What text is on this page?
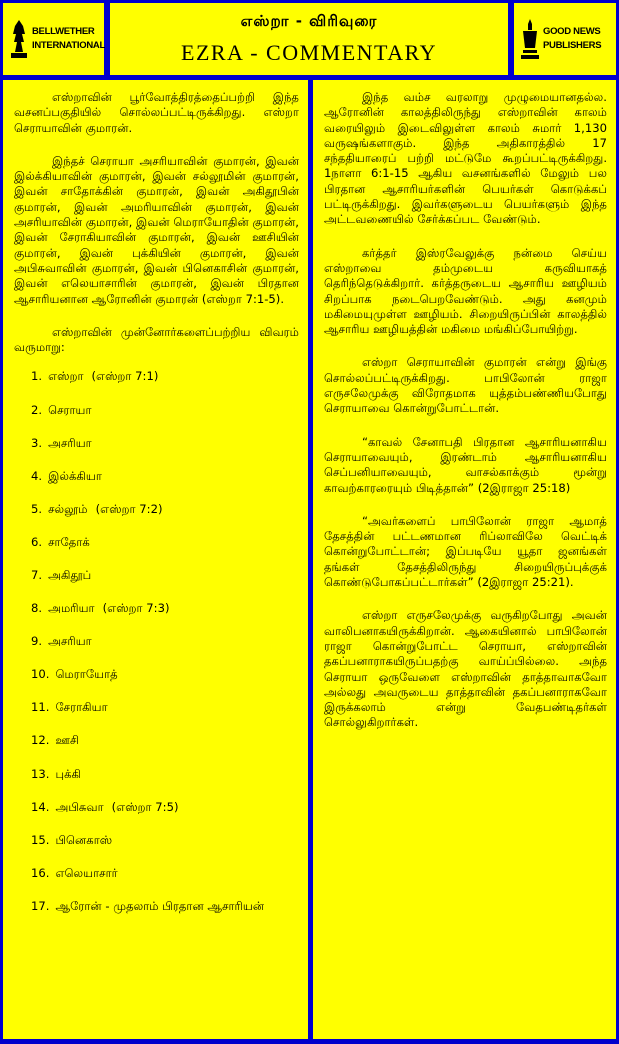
BELLWETHER
INTERNATIONAL
எஸ்றா - விரிவுரை
EZRA - COMMENTARY
GOOD NEWS
PUBLISHERS

எஸ்றாவின் பூர்வோத்திரத்தைப்பற்றி இந்த வசனப்பகுதியில் சொல்லப்பட்டிருக்கிறது. எஸ்றா செராயாவின் குமாரன்.

இந்தச் செராயா அசரியாவின் குமாரன், இவன் இல்க்கியாவின் குமாரன், இவன் சல்லூமின் குமாரன், இவன் சாதோக்கின் குமாரன், இவன் அகிதூபின் குமாரன், இவன் அமரியாவின் குமாரன், இவன் அசரியாவின் குமாரன், இவன் மெராயோதின் குமாரன், இவன் சேராகியாவின் குமாரன், இவன் ஊசியின் குமாரன், இவன் புக்கியின் குமாரன், இவன் அபிசுவாவின் குமாரன், இவன் பினெகாசின் குமாரன், இவன் எலெயாசாரின் குமாரன், இவன் பிரதான ஆசாரியனான ஆரோனின் குமாரன் (எஸ்றா 7:1-5).

எஸ்றாவின் முன்னோர்களைப்பற்றிய விவரம் வருமாறு:

1. எஸ்றா (எஸ்றா 7:1)
2. செராயா
3. அசரியா
4. இல்க்கியா
5. சல்லூம் (எஸ்றா 7:2)
6. சாதோக்
7. அகிதூப்
8. அமரியா (எஸ்றா 7:3)
9. அசரியா
10. மெராயோத்
11. சேராகியா
12. ஊசி
13. புக்கி
14. அபிசுவா (எஸ்றா 7:5)
15. பினெகாஸ்
16. எலெயாசார்
17. ஆரோன் - முதலாம் பிரதான ஆசாரியன்

இந்த வம்ச வரலாறு முழுமையானதல்ல. ஆரோனின் காலத்திலிருந்து எஸ்றாவின் காலம் வரையிலும் இடைவிலுள்ள காலம் சுமார் 1,130 வருஷங்களாகும். இந்த அதிகாரத்தில் 17 சந்ததியாரைப் பற்றி மட்டுமே கூறப்பட்டிருக்கிறது. 1நாளா 6:1-15 ஆகிய வசனங்களில் மேலும் பல பிரதான ஆசாரியர்களின் பெயர்கள் கொடுக்கப் பட்டிருக்கிறது. இவர்களுடைய பெயர்களும் இந்த அட்டவணையில் சேர்க்கப்பட வேண்டும்.

கர்த்தர் இஸ்ரவேலுக்கு நன்மை செய்ய எஸ்றாவை தம்முடைய கருவியாகத் தெரிந்தெடுக்கிறார். கர்த்தருடைய ஆசாரிய ஊழியம் சிறப்பாக நடைபெறவேண்டும். அது கனமும் மகிமையுமுள்ள ஊழியம். சிறையிருப்பின் காலத்தில் ஆசாரிய ஊழியத்தின் மகிமை மங்கிப்போயிற்று.

எஸ்றா செராயாவின் குமாரன் என்று இங்கு சொல்லப்பட்டிருக்கிறது. பாபிலோன் ராஜா எருசலேமுக்கு விரோதமாக யுத்தம்பண்ணியபோது செராயாவை கொன்றுபோட்டான்.

“காவல் சேனாபதி பிரதான ஆசாரியனாகிய செராயாவையும், இரண்டாம் ஆசாரியனாகிய செப்பனியாவையும், வாசல்காக்கும் மூன்று காவற்காரரையும் பிடித்தான்” (2இராஜா 25:18)

“அவர்களைப் பாபிலோன் ராஜா ஆமாத் தேசத்தின் பட்டணமான ரிப்லாவிலே வெட்டிக் கொன்றுபோட்டான்; இப்படியே யூதா ஜனங்கள் தங்கள் தேசத்திலிருந்து சிறையிருப்புக்குக் கொண்டுபோகப்பட்டார்கள்” (2இராஜா 25:21).

எஸ்றா எருசலேமுக்கு வருகிறபோது அவன் வாலிபனாகயிருக்கிறான். ஆகையினால் பாபிலோன் ராஜா கொன்றுபோட்ட செராயா, எஸ்றாவின் தகப்பனாராகயிருப்பதற்கு வாய்ப்பில்லை. அந்த செராயா ஒருவேளை எஸ்றாவின் தாத்தாவாகவோ அல்லது அவருடைய தாத்தாவின் தகப்பனாராகவோ இருக்கலாம் என்று வேதபண்டிதர்கள் சொல்லுகிறார்கள்.
